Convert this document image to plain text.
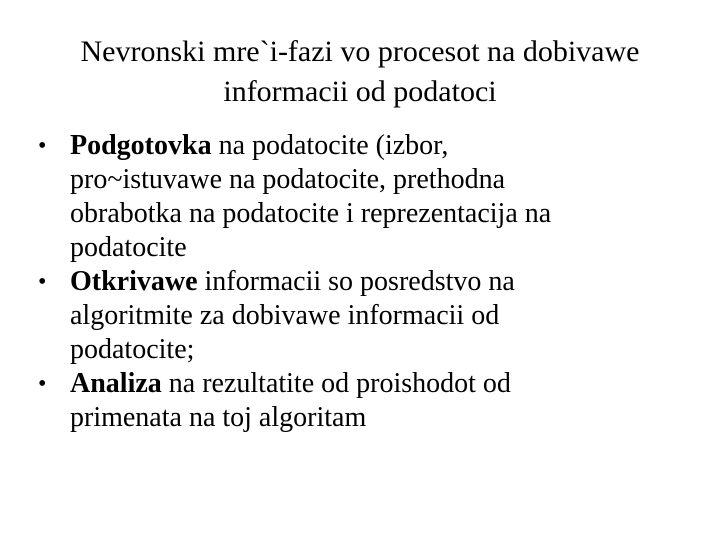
Nevronski mre`i-fazi vo procesot na dobivawe
informacii od podatoci
• Podgotovka na podatocite (izbor,
pro~istuvawe na podatocite, prethodna
obrabotka na podatocite i reprezentacija na
podatocite
• Otkrivawe informacii so posredstvo na
algoritmite za dobivawe informacii od
podatocite;
• Analiza na rezultatite od proishodot od
primenata na toj algoritam
